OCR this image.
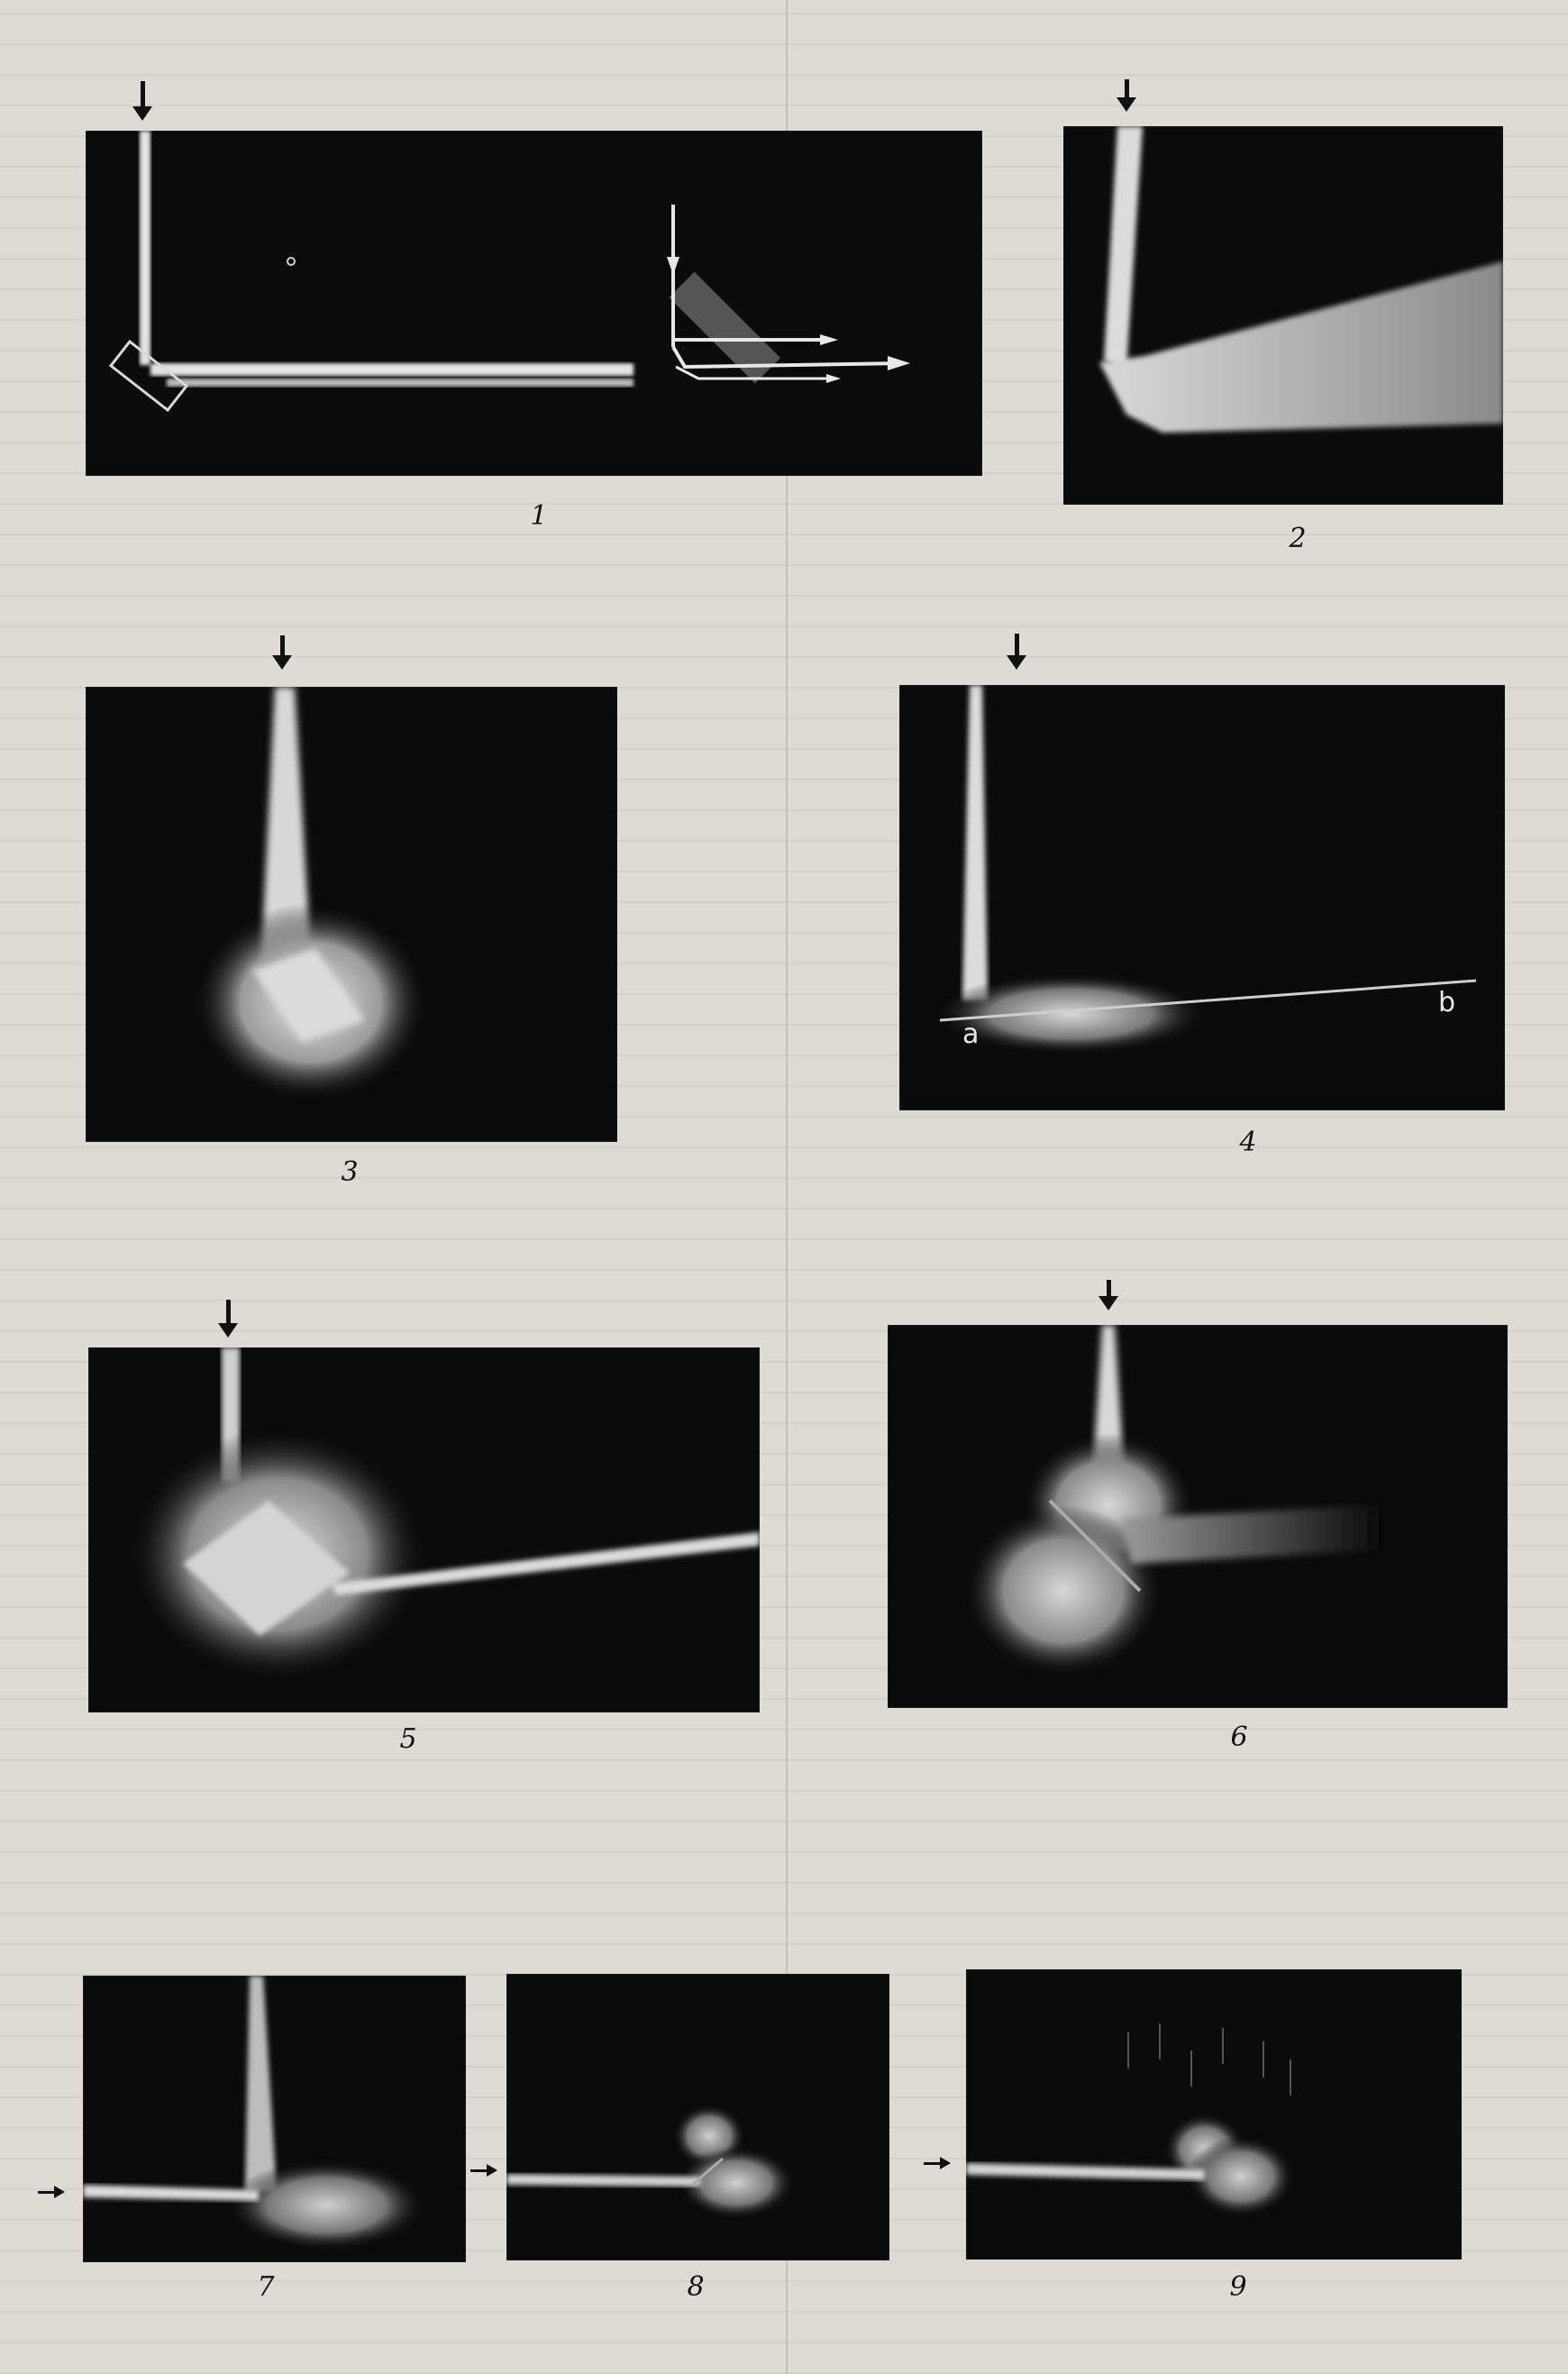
1
2
3
a
b
4
5	6
7	8	9
